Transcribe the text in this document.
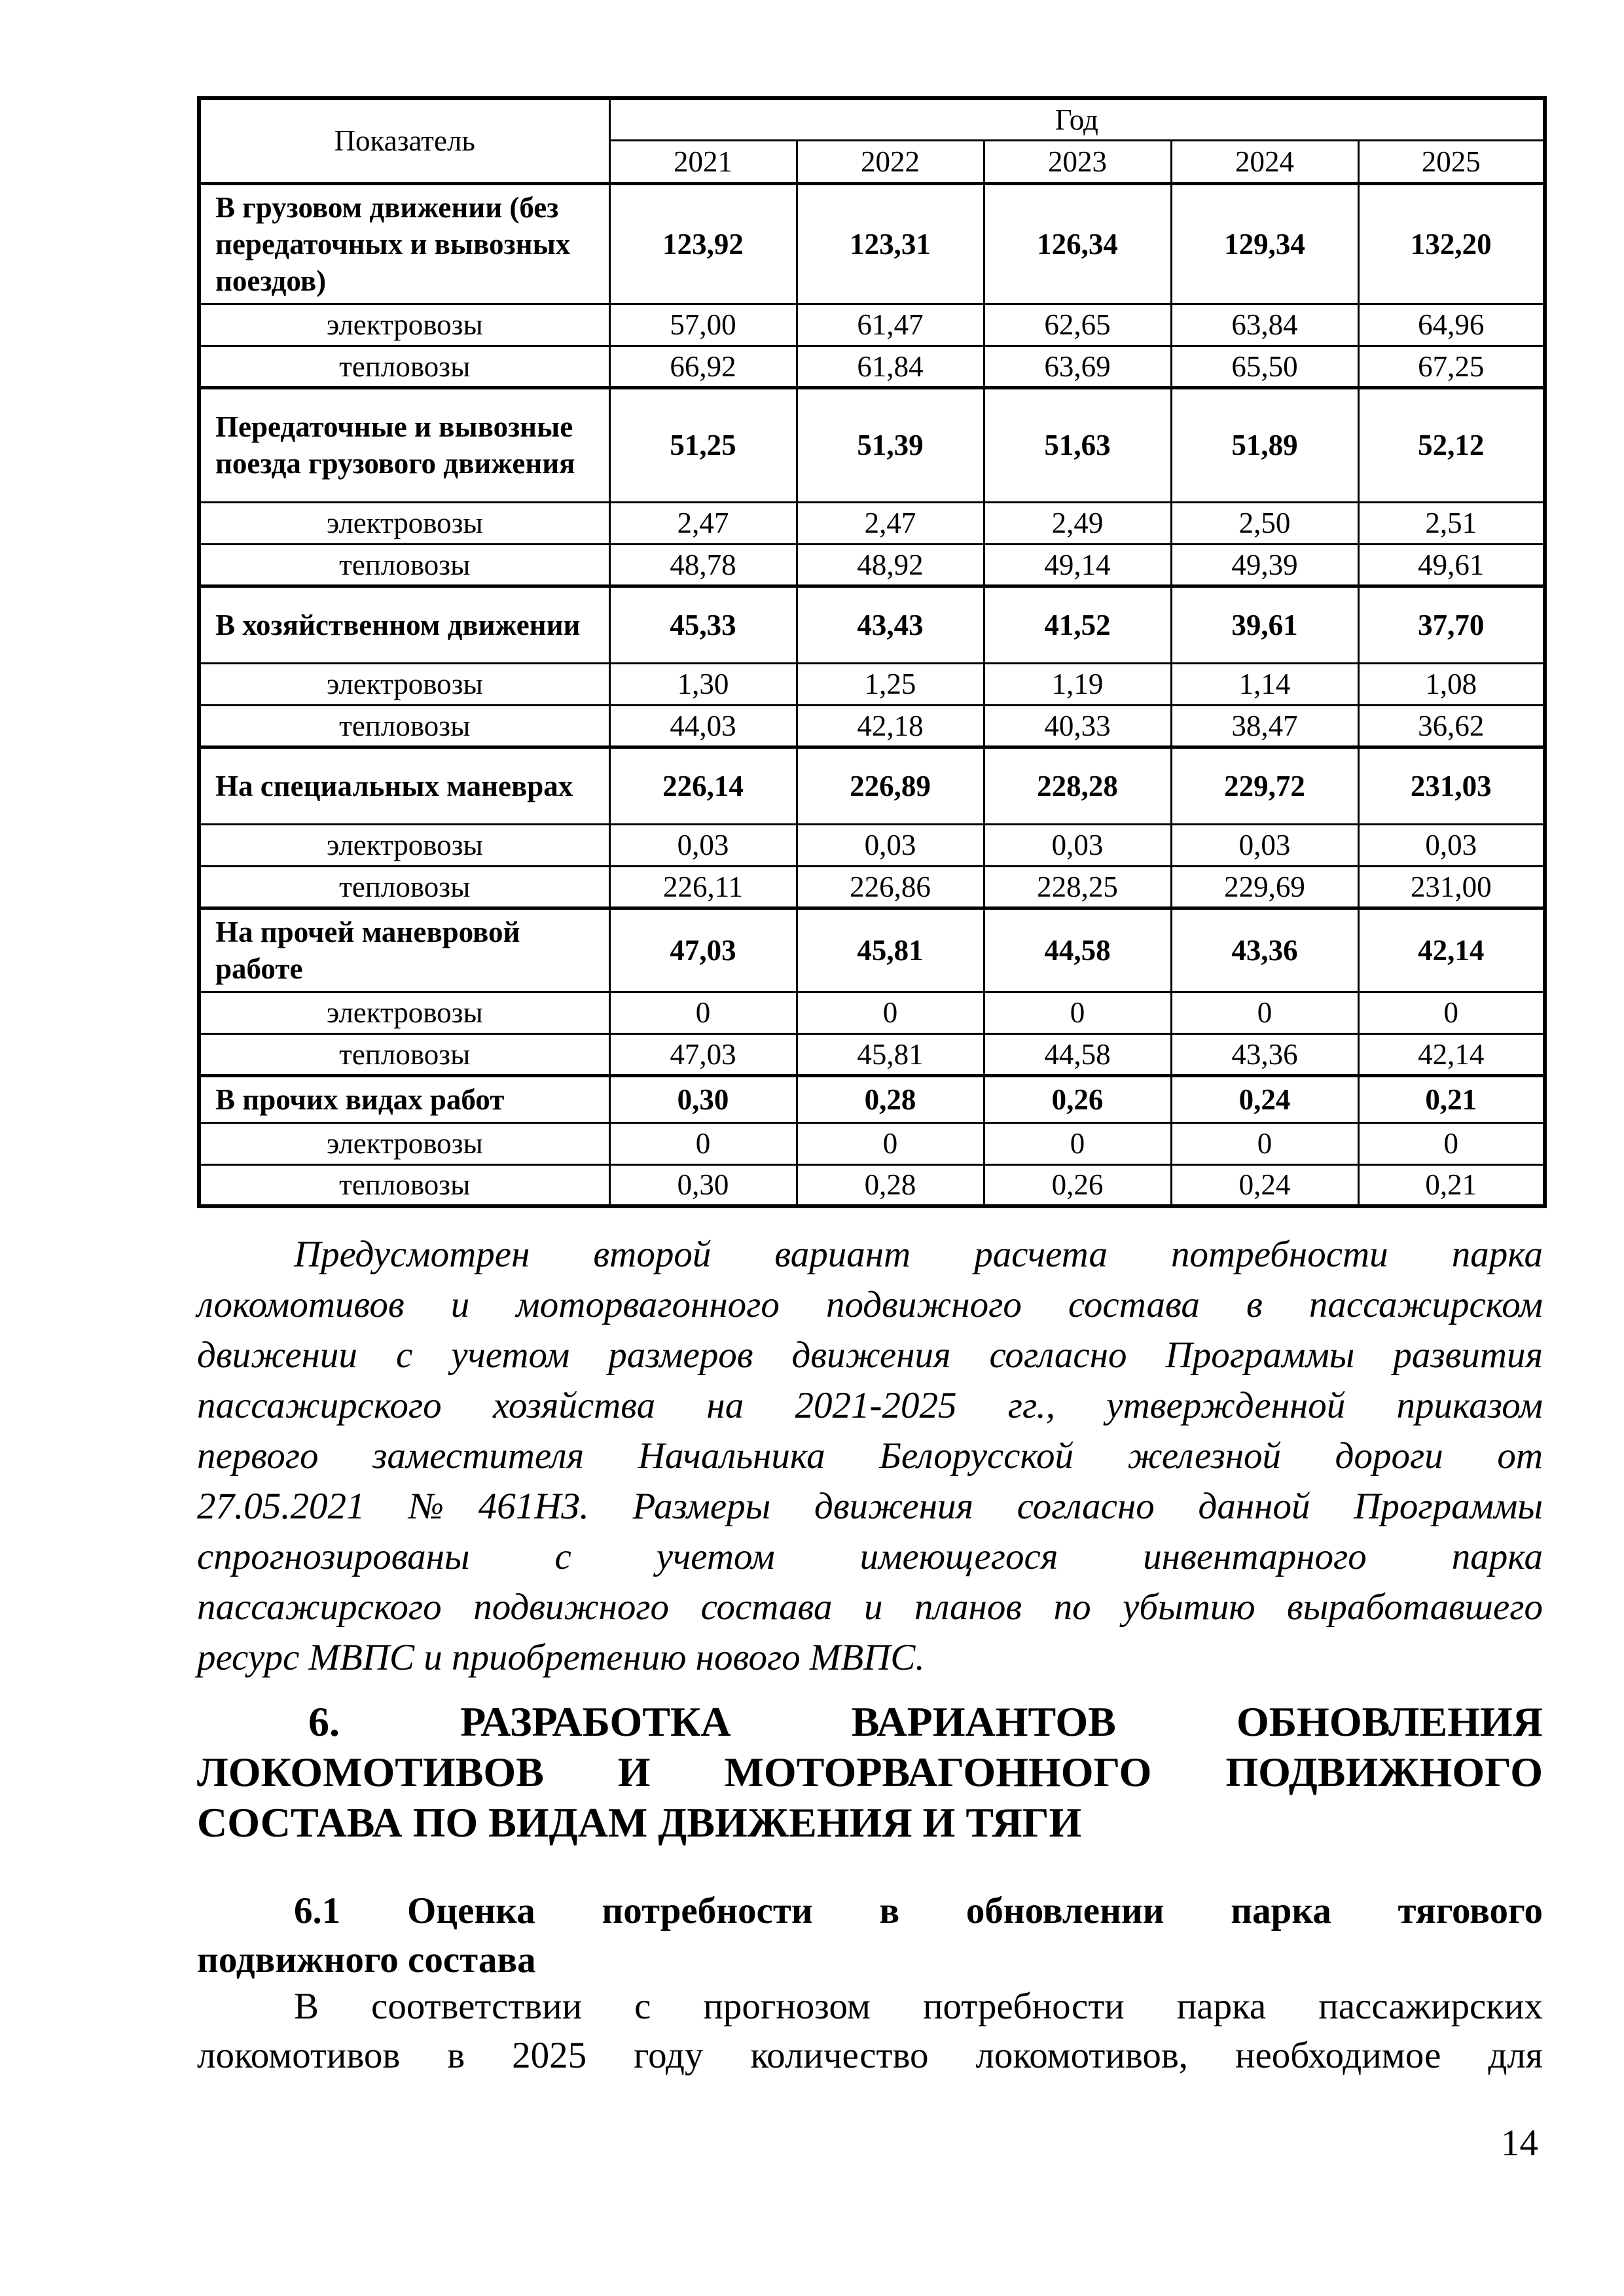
Показатель	Год				
	2021	2022	2023	2024	2025
В грузовом движении (без передаточных и вывозных поездов)	123,92	123,31	126,34	129,34	132,20
электровозы	57,00	61,47	62,65	63,84	64,96
тепловозы	66,92	61,84	63,69	65,50	67,25
Передаточные и вывозные поезда грузового движения	51,25	51,39	51,63	51,89	52,12
электровозы	2,47	2,47	2,49	2,50	2,51
тепловозы	48,78	48,92	49,14	49,39	49,61
В хозяйственном движении	45,33	43,43	41,52	39,61	37,70
электровозы	1,30	1,25	1,19	1,14	1,08
тепловозы	44,03	42,18	40,33	38,47	36,62
На специальных маневрах	226,14	226,89	228,28	229,72	231,03
электровозы	0,03	0,03	0,03	0,03	0,03
тепловозы	226,11	226,86	228,25	229,69	231,00
На прочей маневровой работе	47,03	45,81	44,58	43,36	42,14
электровозы	0	0	0	0	0
тепловозы	47,03	45,81	44,58	43,36	42,14
В прочих видах работ	0,30	0,28	0,26	0,24	0,21
электровозы	0	0	0	0	0
тепловозы	0,30	0,28	0,26	0,24	0,21
Предусмотрен второй вариант расчета потребности парка
локомотивов и моторвагонного подвижного состава в пассажирском
движении с учетом размеров движения согласно Программы развития
пассажирского хозяйства на 2021-2025 гг., утвержденной приказом
первого заместителя Начальника Белорусской железной дороги от
27.05.2021 №461НЗ. Размеры движения согласно данной Программы
спрогнозированы с учетом имеющегося инвентарного парка
пассажирского подвижного состава и планов по убытию выработавшего
ресурс МВПС и приобретению нового МВПС.
6. РАЗРАБОТКА ВАРИАНТОВ ОБНОВЛЕНИЯ
ЛОКОМОТИВОВ И МОТОРВАГОННОГО ПОДВИЖНОГО
СОСТАВА ПО ВИДАМ ДВИЖЕНИЯ И ТЯГИ
6.1 Оценка потребности в обновлении парка тягового
подвижного состава
В соответствии с прогнозом потребности парка пассажирских
локомотивов в 2025 году количество локомотивов, необходимое для
14
